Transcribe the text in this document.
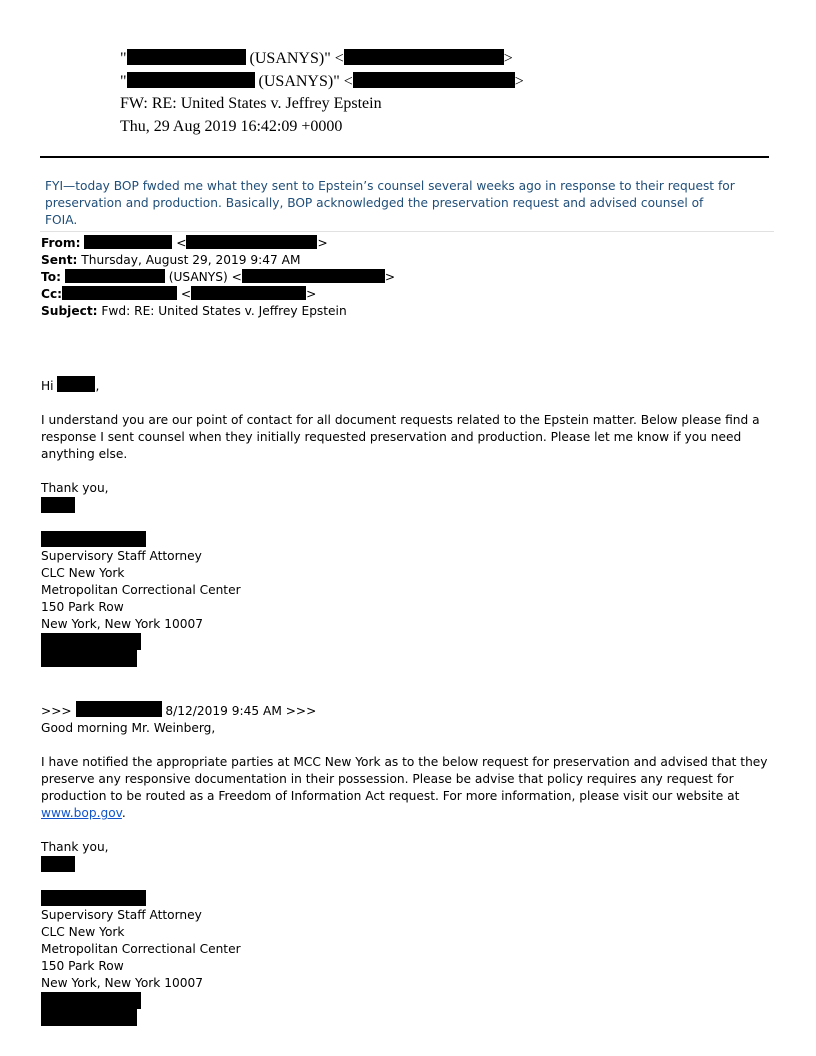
"	(USANYS)" <	>
"	(USANYS)" <	>
FW: RE: United States v. Jeffrey Epstein
Thu, 29 Aug 2019 16:42:09 +0000
FYI—today BOP fwded me what they sent to Epstein’s counsel several weeks ago in response to their request for preservation and production. Basically, BOP acknowledged the preservation request and advised counsel of FOIA.
From:	<	>
Sent: Thursday, August 29, 2019 9:47 AM
To:	(USANYS) <	>
Cc:	<	>
Subject: Fwd: RE: United States v. Jeffrey Epstein
Hi	,
I understand you are our point of contact for all document requests related to the Epstein matter. Below please find a response I sent counsel when they initially requested preservation and production. Please let me know if you need anything else.
Thank you,
Supervisory Staff Attorney
CLC New York
Metropolitan Correctional Center
150 Park Row
New York, New York 10007
>>>	8/12/2019 9:45 AM >>>
Good morning Mr. Weinberg,
I have notified the appropriate parties at MCC New York as to the below request for preservation and advised that they preserve any responsive documentation in their possession. Please be advise that policy requires any request for production to be routed as a Freedom of Information Act request. For more information, please visit our website at www.bop.gov.
Thank you,
Supervisory Staff Attorney
CLC New York
Metropolitan Correctional Center
150 Park Row
New York, New York 10007
